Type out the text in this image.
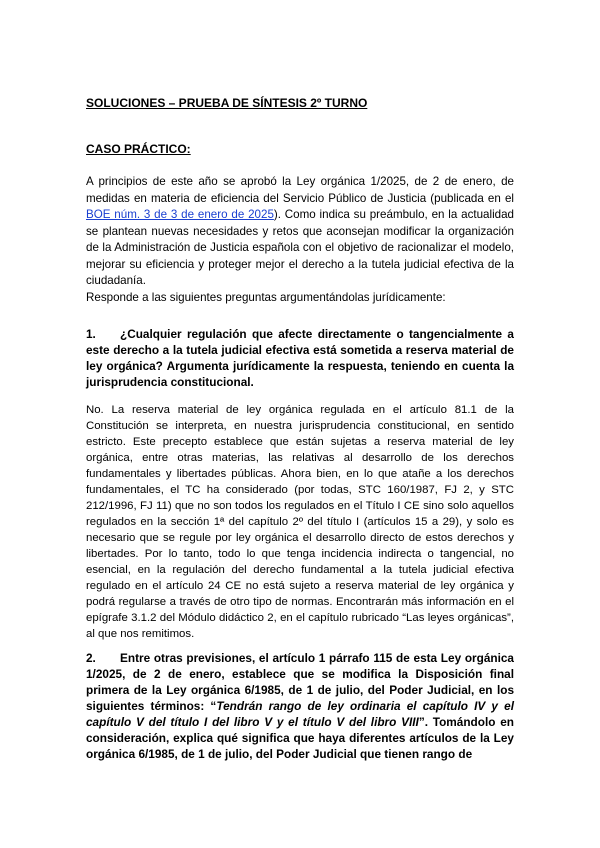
SOLUCIONES – PRUEBA DE SÍNTESIS 2º TURNO

CASO PRÁCTICO:

A principios de este año se aprobó la Ley orgánica 1/2025, de 2 de enero, de medidas en materia de eficiencia del Servicio Público de Justicia (publicada en el BOE núm. 3 de 3 de enero de 2025). Como indica su preámbulo, en la actualidad se plantean nuevas necesidades y retos que aconsejan modificar la organización de la Administración de Justicia española con el objetivo de racionalizar el modelo, mejorar su eficiencia y proteger mejor el derecho a la tutela judicial efectiva de la ciudadanía.

Responde a las siguientes preguntas argumentándolas jurídicamente:

1. ¿Cualquier regulación que afecte directamente o tangencialmente a este derecho a la tutela judicial efectiva está sometida a reserva material de ley orgánica? Argumenta jurídicamente la respuesta, teniendo en cuenta la jurisprudencia constitucional.

No. La reserva material de ley orgánica regulada en el artículo 81.1 de la Constitución se interpreta, en nuestra jurisprudencia constitucional, en sentido estricto. Este precepto establece que están sujetas a reserva material de ley orgánica, entre otras materias, las relativas al desarrollo de los derechos fundamentales y libertades públicas. Ahora bien, en lo que atañe a los derechos fundamentales, el TC ha considerado (por todas, STC 160/1987, FJ 2, y STC 212/1996, FJ 11) que no son todos los regulados en el Título I CE sino solo aquellos regulados en la sección 1ª del capítulo 2º del título I (artículos 15 a 29), y solo es necesario que se regule por ley orgánica el desarrollo directo de estos derechos y libertades. Por lo tanto, todo lo que tenga incidencia indirecta o tangencial, no esencial, en la regulación del derecho fundamental a la tutela judicial efectiva regulado en el artículo 24 CE no está sujeto a reserva material de ley orgánica y podrá regularse a través de otro tipo de normas. Encontrarán más información en el epígrafe 3.1.2 del Módulo didáctico 2, en el capítulo rubricado “Las leyes orgánicas”, al que nos remitimos.

2. Entre otras previsiones, el artículo 1 párrafo 115 de esta Ley orgánica 1/2025, de 2 de enero, establece que se modifica la Disposición final primera de la Ley orgánica 6/1985, de 1 de julio, del Poder Judicial, en los siguientes términos: “Tendrán rango de ley ordinaria el capítulo IV y el capítulo V del título I del libro V y el título V del libro VIII”. Tomándolo en consideración, explica qué significa que haya diferentes artículos de la Ley orgánica 6/1985, de 1 de julio, del Poder Judicial que tienen rango de
